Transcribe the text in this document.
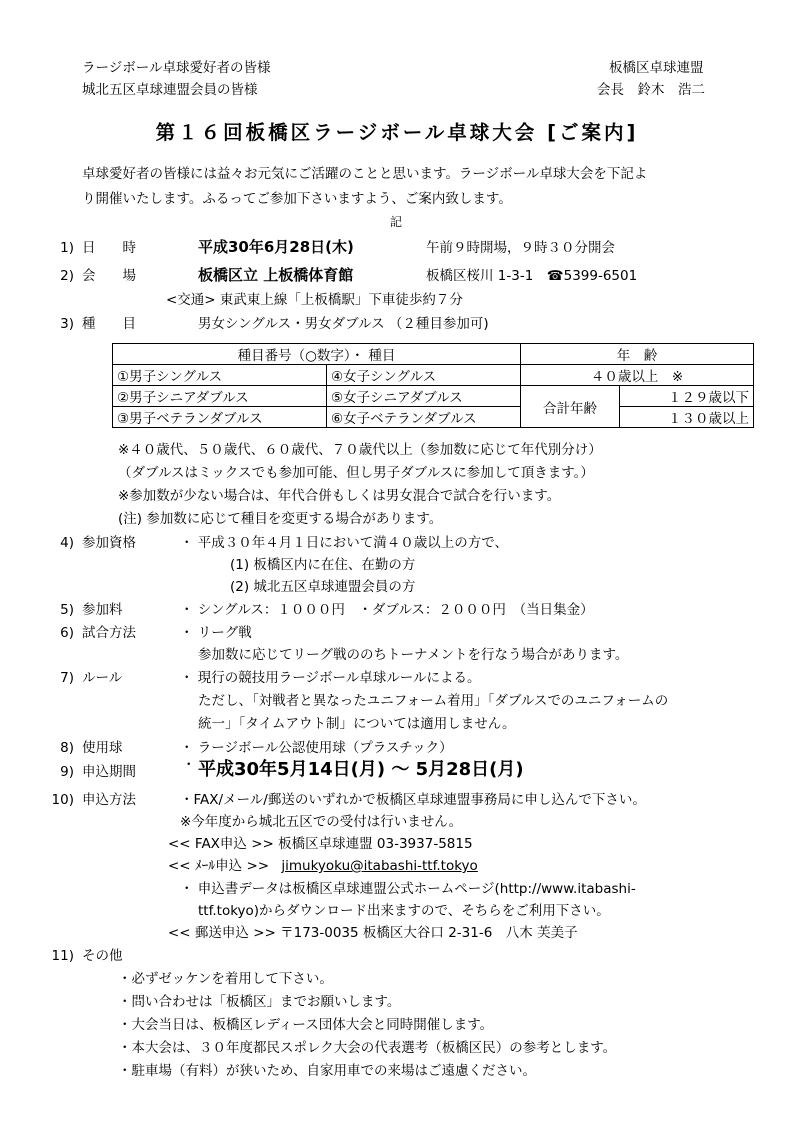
ラージボール卓球愛好者の皆様
城北五区卓球連盟会員の皆様
板橋区卓球連盟
会長　鈴木　浩二
第１６回板橋区ラージボール卓球大会 [ご案内]
卓球愛好者の皆様には益々お元気にご活躍のことと思います。ラージボール卓球大会を下記よ
り開催いたします。ふるってご参加下さいますよう、ご案内致します。
記
1) 日　　時	平成30年6月28日(木)	午前９時開場，９時３０分開会
2) 会　　場	板橋区立 上板橋体育館	板橋区桜川 1-3-1　☎5399-6501
<交通> 東武東上線「上板橋駅」下車徒歩約７分
3) 種　　目	男女シングルス・男女ダブルス （２種目参加可)
種目番号（○数字）・ 種目		年　齢	
①男子シングルス	④女子シングルス	４０歳以上　※	
②男子シニアダブルス	⑤女子シニアダブルス	合計年齢	１２９歳以下
③男子ベテランダブルス	⑥女子ベテランダブルス		１３０歳以上
※４０歳代、５０歳代、６０歳代、７０歳代以上（参加数に応じて年代別分け）
（ダブルスはミックスでも参加可能、但し男子ダブルスに参加して頂きます。）
※参加数が少ない場合は、年代合併もしくは男女混合で試合を行います。
(注) 参加数に応じて種目を変更する場合があります。
4) 参加資格	・ 平成３０年４月１日において満４０歳以上の方で、
(1) 板橋区内に在住、在勤の方
(2) 城北五区卓球連盟会員の方
5) 参加料	・ シングルス：１０００円　・ダブルス：２０００円　（当日集金）
6) 試合方法	・ リーグ戦
参加数に応じてリーグ戦ののちトーナメントを行なう場合があります。
7) ルール	・ 現行の競技用ラージボール卓球ルールによる。
ただし、「対戦者と異なったユニフォーム着用」「ダブルスでのユニフォームの
統一」「タイムアウト制」については適用しません。
8) 使用球	・ ラージボール公認使用球（プラスチック）
9) 申込期間	・ 平成30年5月14日(月) ～ 5月28日(月)
10) 申込方法	・FAX/メール/郵送のいずれかで板橋区卓球連盟事務局に申し込んで下さい。
※今年度から城北五区での受付は行いません。
<< FAX申込 >> 板橋区卓球連盟 03-3937-5815
<< ﾒｰﾙ申込 >> jimukyoku@itabashi-ttf.tokyo
・ 申込書データは板橋区卓球連盟公式ホームページ(http://www.itabashi-
ttf.tokyo)からダウンロード出来ますので、そちらをご利用下さい。
<< 郵送申込 >> 〒173-0035 板橋区大谷口 2-31-6　八木 芙美子
11) その他
・必ずゼッケンを着用して下さい。
・問い合わせは「板橋区」までお願いします。
・大会当日は、板橋区レディース団体大会と同時開催します。
・本大会は、３０年度都民スポレク大会の代表選考（板橋区民）の参考とします。
・駐車場（有料）が狭いため、自家用車での来場はご遠慮ください。
